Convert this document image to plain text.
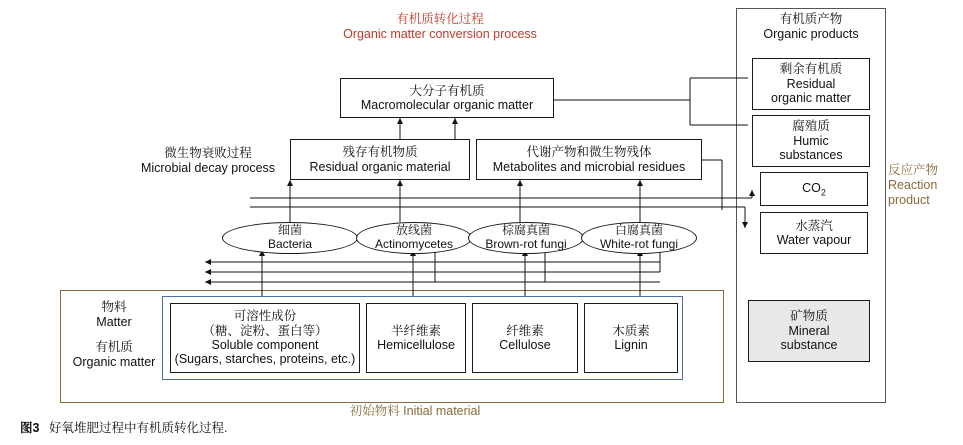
有机质转化过程
Organic matter conversion process
有机质产物
Organic products
微生物衰败过程
Microbial decay process	反应产物
Reaction
product
初始物料 Initial material
大分子有机质
Macromolecular organic matter
残存有机物质
Residual organic material
代谢产物和微生物残体
Metabolites and microbial residues
剩余有机质
Residual
organic matter
腐殖质
Humic
substances
$CO_2$
水蒸汽
Water vapour
矿物质
Mineral
substance
细菌
Bacteria
放线菌
Actinomycetes
棕腐真菌
Brown-rot fungi
白腐真菌
White-rot fungi
物料
Matter
有机质
Organic matter
可溶性成份
（糖、淀粉、蛋白等）
Soluble component
(Sugars, starches, proteins, etc.)
半纤维素
Hemicellulose
纤维素
Cellulose
木质素
Lignin
图3 好氧堆肥过程中有机质转化过程.
